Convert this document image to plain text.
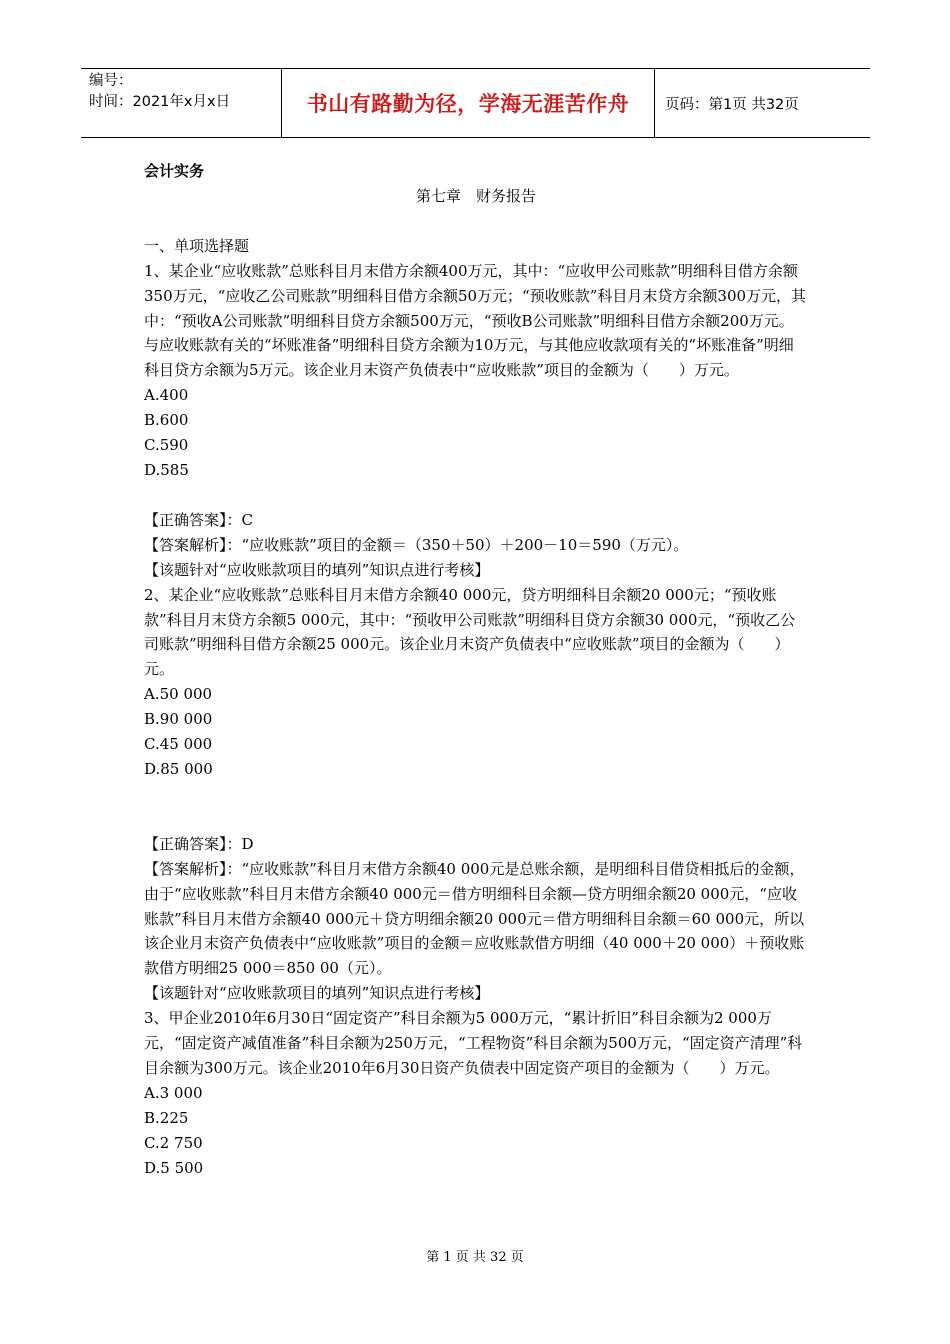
编号：
时间：2021年x月x日	书山有路勤为径，学海无涯苦作舟 页码：第1页 共32页

会计实务

第七章　财务报告

一、单项选择题

1、某企业“应收账款”总账科目月末借方余额400万元，其中：“应收甲公司账款”明细科目借方余额350万元，“应收乙公司账款”明细科目借方余额50万元；“预收账款”科目月末贷方余额300万元，其中：“预收A公司账款”明细科目贷方余额500万元，“预收B公司账款”明细科目借方余额200万元。与应收账款有关的“坏账准备”明细科目贷方余额为10万元，与其他应收款项有关的“坏账准备”明细科目贷方余额为5万元。该企业月末资产负债表中“应收账款”项目的金额为（　　）万元。

A.400

B.600

C.590

D.585

【正确答案】：C

【答案解析】：“应收账款”项目的金额＝（350＋50）＋200－10＝590（万元）。

【该题针对“应收账款项目的填列”知识点进行考核】

2、某企业“应收账款”总账科目月末借方余额40 000元，贷方明细科目余额20 000元；“预收账款”科目月末贷方余额5 000元，其中：“预收甲公司账款”明细科目贷方余额30 000元，“预收乙公司账款”明细科目借方余额25 000元。该企业月末资产负债表中“应收账款”项目的金额为（　　）元。

A.50 000

B.90 000

C.45 000

D.85 000

【正确答案】：D

【答案解析】：“应收账款”科目月末借方余额40 000元是总账余额，是明细科目借贷相抵后的金额，由于“应收账款”科目月末借方余额40 000元＝借方明细科目余额—贷方明细余额20 000元，“应收账款”科目月末借方余额40 000元＋贷方明细余额20 000元＝借方明细科目余额＝60 000元，所以该企业月末资产负债表中“应收账款”项目的金额＝应收账款借方明细（40 000＋20 000）＋预收账款借方明细25 000＝850 00（元）。

【该题针对“应收账款项目的填列”知识点进行考核】

3、甲企业2010年6月30日“固定资产”科目余额为5 000万元，“累计折旧”科目余额为2 000万元，“固定资产减值准备”科目余额为250万元，“工程物资”科目余额为500万元，“固定资产清理”科目余额为300万元。该企业2010年6月30日资产负债表中固定资产项目的金额为（　　）万元。

A.3 000

B.225

C.2 750

D.5 500

第 1 页 共 32 页
